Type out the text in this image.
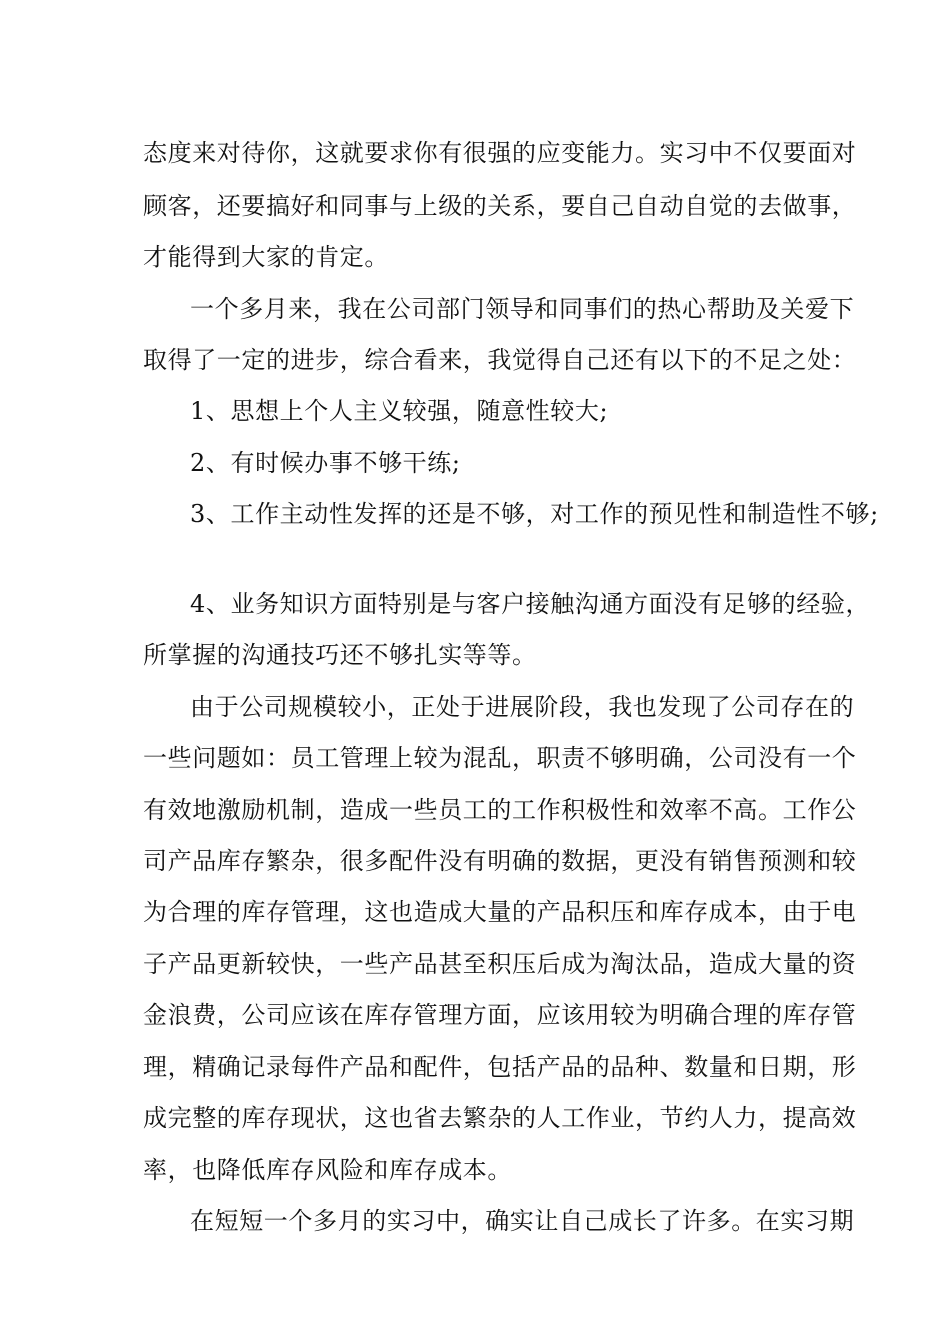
态度来对待你，这就要求你有很强的应变能力。实习中不仅要面对
顾客，还要搞好和同事与上级的关系，要自己自动自觉的去做事，
才能得到大家的肯定。
一个多月来，我在公司部门领导和同事们的热心帮助及关爱下
取得了一定的进步，综合看来，我觉得自己还有以下的不足之处：
1、思想上个人主义较强，随意性较大;
2、有时候办事不够干练;
3、工作主动性发挥的还是不够，对工作的预见性和制造性不够;
4、业务知识方面特别是与客户接触沟通方面没有足够的经验，
所掌握的沟通技巧还不够扎实等等。
由于公司规模较小，正处于进展阶段，我也发现了公司存在的
一些问题如：员工管理上较为混乱，职责不够明确，公司没有一个
有效地激励机制，造成一些员工的工作积极性和效率不高。工作公
司产品库存繁杂，很多配件没有明确的数据，更没有销售预测和较
为合理的库存管理，这也造成大量的产品积压和库存成本，由于电
子产品更新较快，一些产品甚至积压后成为淘汰品，造成大量的资
金浪费，公司应该在库存管理方面，应该用较为明确合理的库存管
理，精确记录每件产品和配件，包括产品的品种、数量和日期，形
成完整的库存现状，这也省去繁杂的人工作业，节约人力，提高效
率，也降低库存风险和库存成本。
在短短一个多月的实习中，确实让自己成长了许多。在实习期
